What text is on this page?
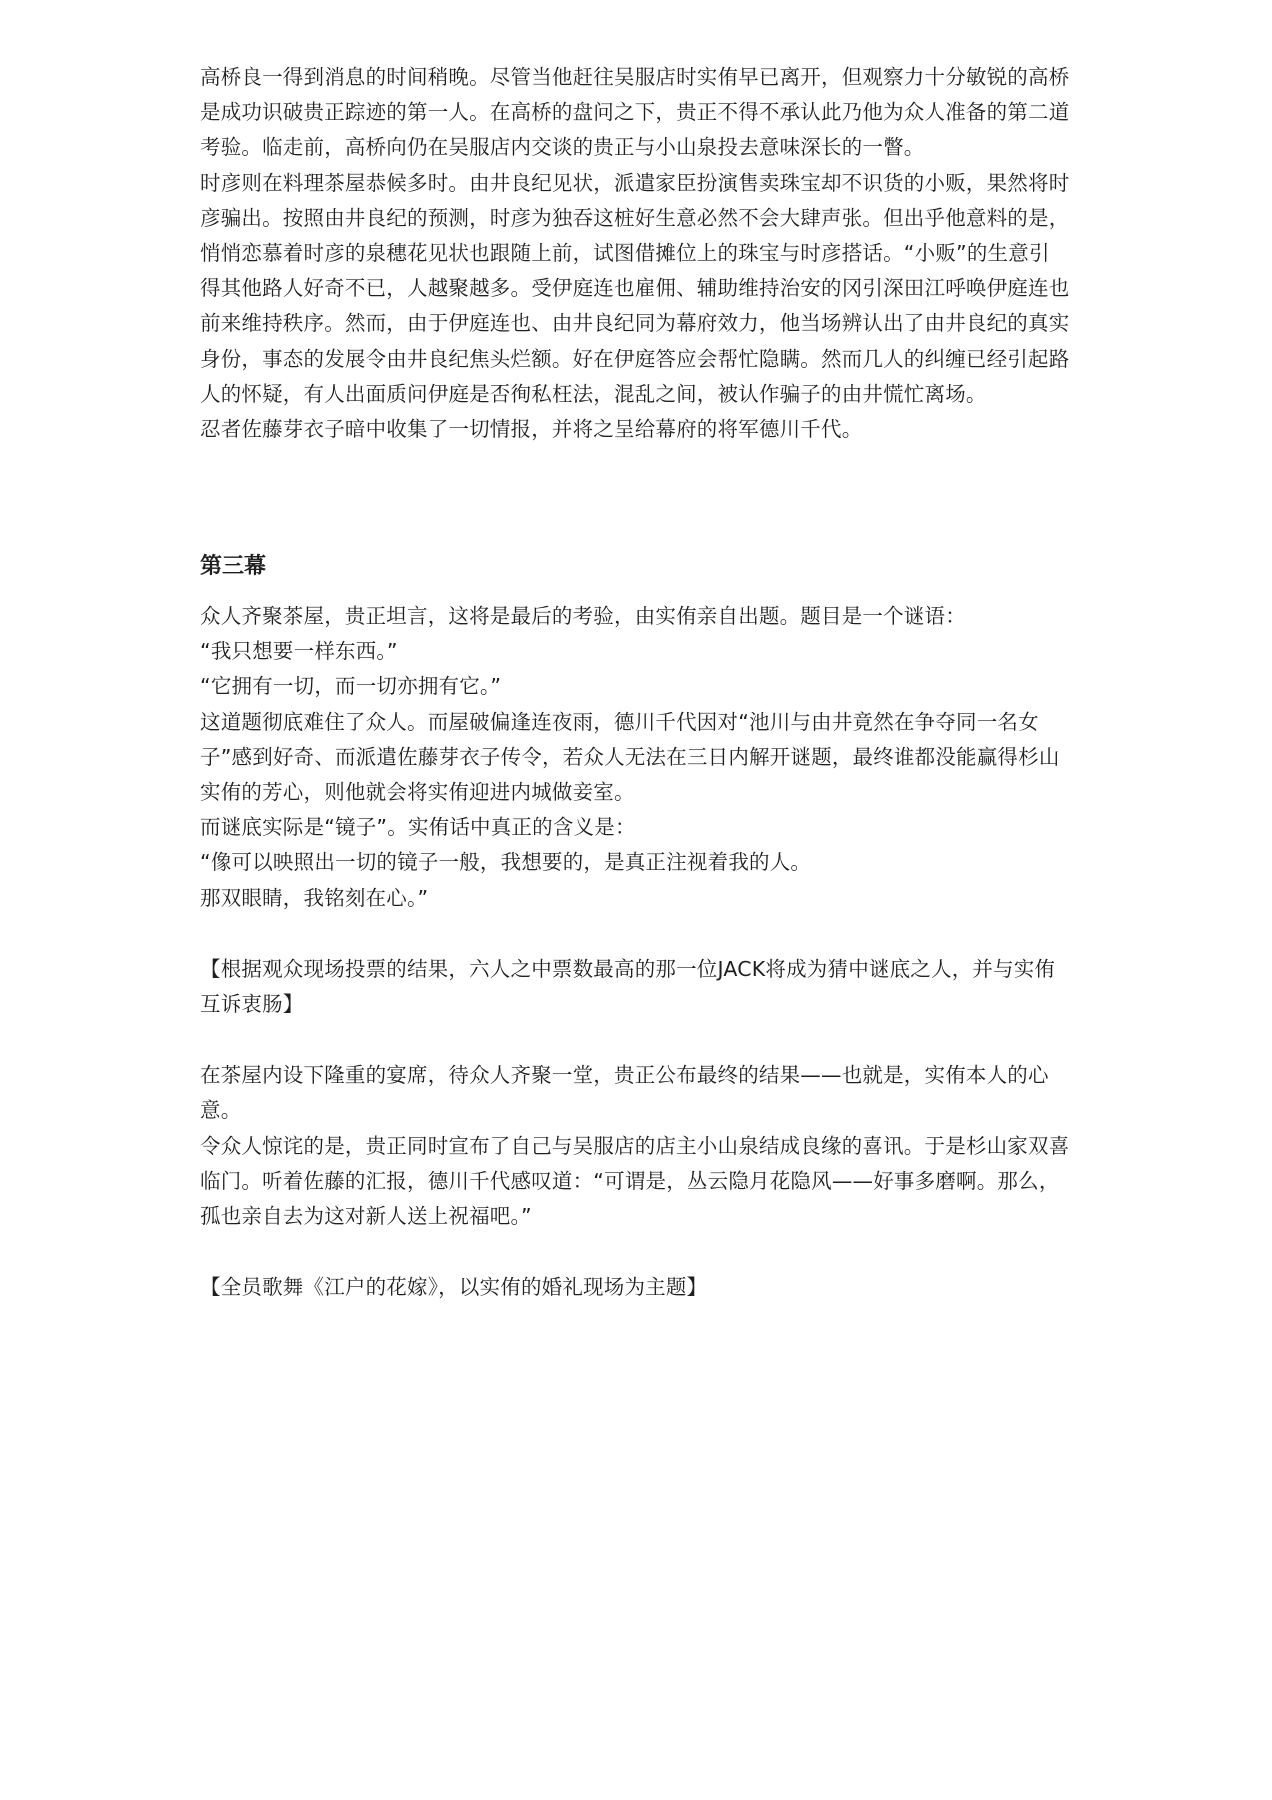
高桥良一得到消息的时间稍晚。尽管当他赶往吴服店时实侑早已离开，但观察力十分敏锐的高桥
是成功识破贵正踪迹的第一人。在高桥的盘问之下，贵正不得不承认此乃他为众人准备的第二道
考验。临走前，高桥向仍在吴服店内交谈的贵正与小山泉投去意味深长的一瞥。
时彦则在料理茶屋恭候多时。由井良纪见状，派遣家臣扮演售卖珠宝却不识货的小贩，果然将时
彦骗出。按照由井良纪的预测，时彦为独吞这桩好生意必然不会大肆声张。但出乎他意料的是，
悄悄恋慕着时彦的泉穗花见状也跟随上前，试图借摊位上的珠宝与时彦搭话。“小贩”的生意引
得其他路人好奇不已，人越聚越多。受伊庭连也雇佣、辅助维持治安的冈引深田江呼唤伊庭连也
前来维持秩序。然而，由于伊庭连也、由井良纪同为幕府效力，他当场辨认出了由井良纪的真实
身份，事态的发展令由井良纪焦头烂额。好在伊庭答应会帮忙隐瞒。然而几人的纠缠已经引起路
人的怀疑，有人出面质问伊庭是否徇私枉法，混乱之间，被认作骗子的由井慌忙离场。
忍者佐藤芽衣子暗中收集了一切情报，并将之呈给幕府的将军德川千代。
第三幕
众人齐聚茶屋，贵正坦言，这将是最后的考验，由实侑亲自出题。题目是一个谜语：
“我只想要一样东西。”
“它拥有一切，而一切亦拥有它。”
这道题彻底难住了众人。而屋破偏逢连夜雨，德川千代因对“池川与由井竟然在争夺同一名女
子”感到好奇、而派遣佐藤芽衣子传令，若众人无法在三日内解开谜题，最终谁都没能赢得杉山
实侑的芳心，则他就会将实侑迎进内城做妾室。
而谜底实际是“镜子”。实侑话中真正的含义是：
“像可以映照出一切的镜子一般，我想要的，是真正注视着我的人。
那双眼睛，我铭刻在心。”
【根据观众现场投票的结果，六人之中票数最高的那一位JACK将成为猜中谜底之人，并与实侑
互诉衷肠】
在茶屋内设下隆重的宴席，待众人齐聚一堂，贵正公布最终的结果——也就是，实侑本人的心
意。
令众人惊诧的是，贵正同时宣布了自己与吴服店的店主小山泉结成良缘的喜讯。于是杉山家双喜
临门。听着佐藤的汇报，德川千代感叹道：“可谓是，丛云隐月花隐风——好事多磨啊。那么，
孤也亲自去为这对新人送上祝福吧。”
【全员歌舞《江户的花嫁》，以实侑的婚礼现场为主题】
